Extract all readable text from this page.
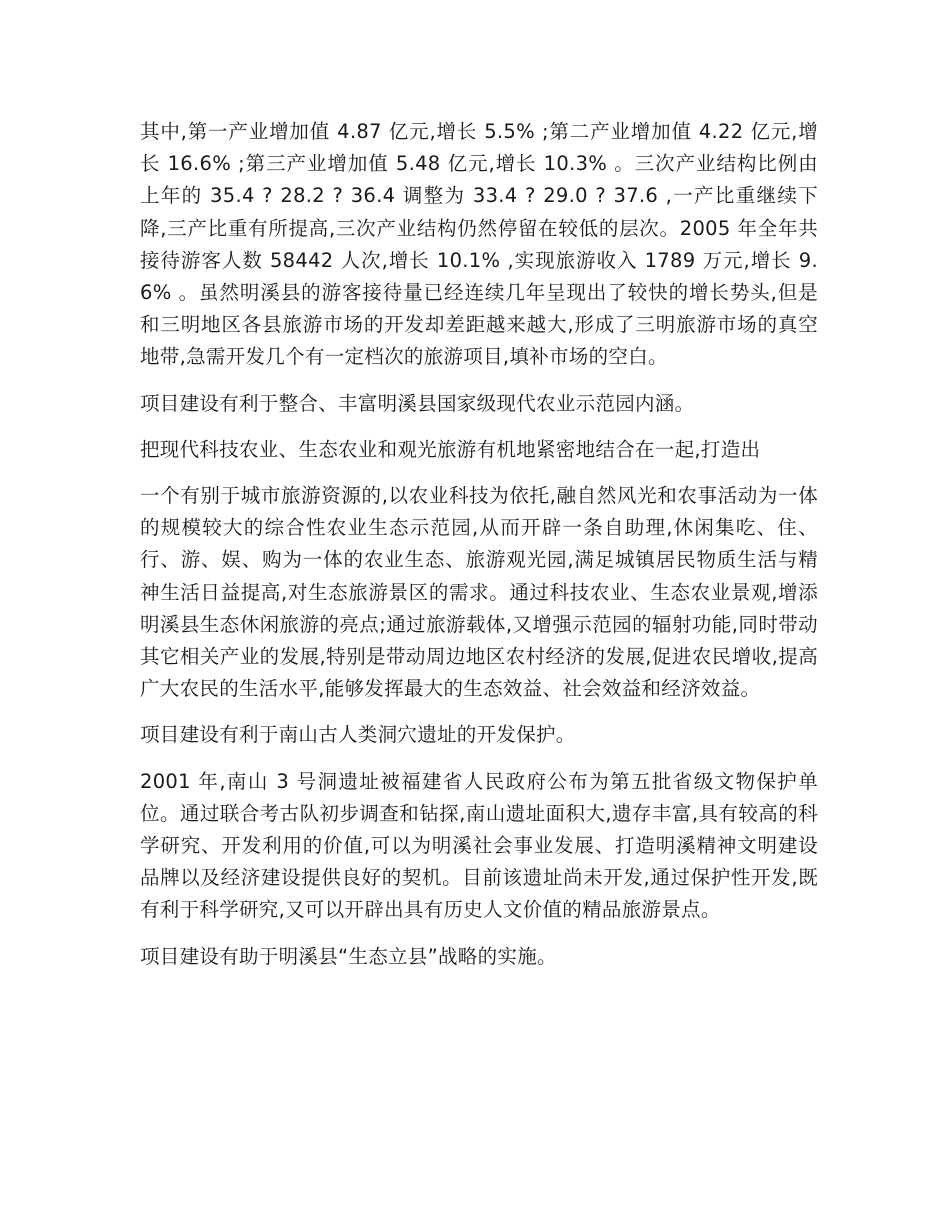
其中,第一产业增加值 4.87 亿元,增长 5.5% ;第二产业增加值 4.22 亿元,增长 16.6% ;第三产业增加值 5.48 亿元,增长 10.3% 。三次产业结构比例由上年的 35.4 ? 28.2 ? 36.4 调整为 33.4 ? 29.0 ? 37.6 ,一产比重继续下降,三产比重有所提高,三次产业结构仍然停留在较低的层次。2005 年全年共接待游客人数 58442 人次,增长 10.1% ,实现旅游收入 1789 万元,增长 9.6% 。虽然明溪县的游客接待量已经连续几年呈现出了较快的增长势头,但是和三明地区各县旅游市场的开发却差距越来越大,形成了三明旅游市场的真空地带,急需开发几个有一定档次的旅游项目,填补市场的空白。

项目建设有利于整合、丰富明溪县国家级现代农业示范园内涵。

把现代科技农业、生态农业和观光旅游有机地紧密地结合在一起,打造出

一个有别于城市旅游资源的,以农业科技为依托,融自然风光和农事活动为一体的规模较大的综合性农业生态示范园,从而开辟一条自助理,休闲集吃、住、行、游、娱、购为一体的农业生态、旅游观光园,满足城镇居民物质生活与精神生活日益提高,对生态旅游景区的需求。通过科技农业、生态农业景观,增添明溪县生态休闲旅游的亮点;通过旅游载体,又增强示范园的辐射功能,同时带动其它相关产业的发展,特别是带动周边地区农村经济的发展,促进农民增收,提高广大农民的生活水平,能够发挥最大的生态效益、社会效益和经济效益。

项目建设有利于南山古人类洞穴遗址的开发保护。

2001 年,南山 3 号洞遗址被福建省人民政府公布为第五批省级文物保护单位。通过联合考古队初步调查和钻探,南山遗址面积大,遗存丰富,具有较高的科学研究、开发利用的价值,可以为明溪社会事业发展、打造明溪精神文明建设品牌以及经济建设提供良好的契机。目前该遗址尚未开发,通过保护性开发,既有利于科学研究,又可以开辟出具有历史人文价值的精品旅游景点。

项目建设有助于明溪县“生态立县”战略的实施。
